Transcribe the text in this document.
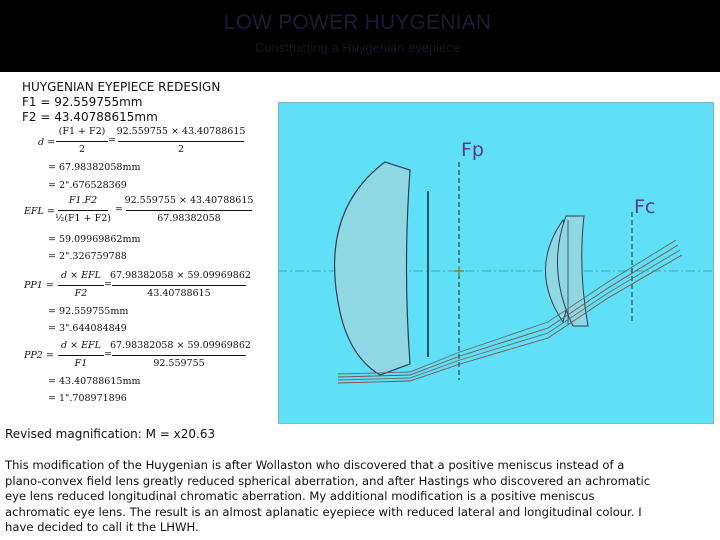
LOW POWER HUYGENIAN
Constructing a Huygenian eyepiece
HUYGENIAN EYEPIECE REDESIGN
F1 = 92.559755mm
F2 = 43.40788615mm
d =
(F1 + F2)
2
=
92.559755 × 43.40788615
2
= 67.98382058mm
= 2".676528369
EFL =
F1.F2
½(F1 + F2)
=
92.559755 × 43.40788615
67.98382058
= 59.09969862mm
= 2".326759788
PP1 =
d × EFL
F2
=
67.98382058 × 59.09969862
43.40788615
= 92.559755mm
= 3".644084849
PP2 =
d × EFL
F1
=
67.98382058 × 59.09969862
92.559755
= 43.40788615mm
= 1".708971896
Fp
Fc
Revised magnification: M = x20.63
This modification of the Huygenian is after Wollaston who discovered that a positive meniscus instead of a
plano-convex field lens greatly reduced spherical aberration, and after Hastings who discovered an achromatic
eye lens reduced longitudinal chromatic aberration. My additional modification is a positive meniscus
achromatic eye lens. The result is an almost aplanatic eyepiece with reduced lateral and longitudinal colour. I
have decided to call it the LHWH.
